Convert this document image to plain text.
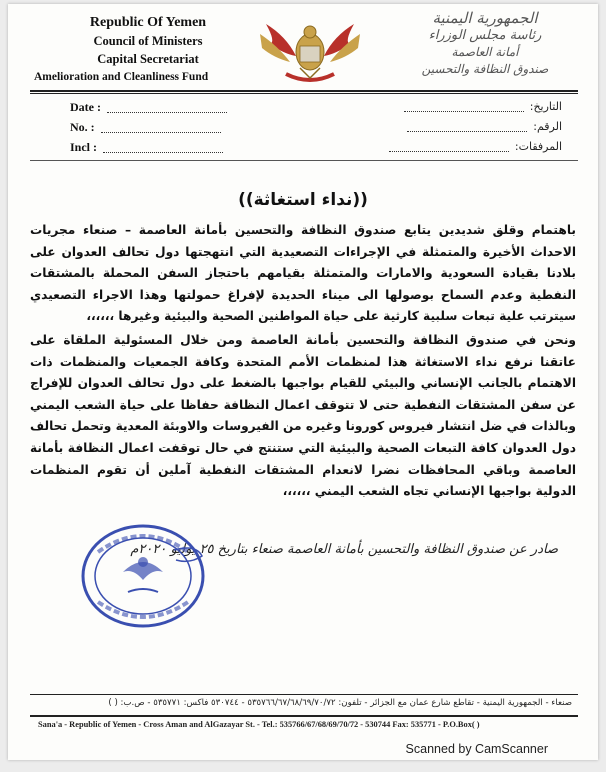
Republic Of Yemen
Council of Ministers
Capital Secretariat
Amelioration and Cleanliness Fund
الجمهورية اليمنية
رئاسة مجلس الوزراء
أمانة العاصمة
صندوق النظافة والتحسين
Date :
No. :
Incl :
التاريخ:
الرقم:
المرفقات:
((نداء استغاثة))
باهتمام وقلق شديدين يتابع صندوق النظافة والتحسين بأمانة العاصمة – صنعاء مجريات الاحداث الأخيرة والمتمثلة في الإجراءات التصعيدية التي انتهجتها دول تحالف العدوان على بلادنا بقيادة السعودية والامارات والمتمثلة بقيامهم باحتجاز السفن المحملة بالمشتقات النفطية وعدم السماح بوصولها الى ميناء الحديدة لإفراغ حمولتها وهذا الاجراء التصعيدي سيترتب علية تبعات سلبية كارثية على حياة المواطنين الصحية والبيئية وغيرها ،،،،،،
ونحن في صندوق النظافة والتحسين بأمانة العاصمة ومن خلال المسئولية الملقاة على عاتقنا نرفع نداء الاستغاثة هذا لمنظمات الأمم المتحدة وكافة الجمعيات والمنظمات ذات الاهتمام بالجانب الإنساني والبيئي للقيام بواجبها بالضغط على دول تحالف العدوان للإفراج عن سفن المشتقات النفطية حتى لا تتوقف اعمال النظافة حفاظا على حياة الشعب اليمني وبالذات في ضل انتشار فيروس كورونا وغيره من الفيروسات والاوبئة المعدية وتحمل تحالف دول العدوان كافة التبعات الصحية والبيئية التي ستنتج في حال توقفت اعمال النظافة بأمانة العاصمة وباقي المحافظات نضرا لانعدام المشتقات النفطية آملين أن تقوم المنظمات الدولية بواجبها الإنساني تجاه الشعب اليمني ،،،،،،
صادر عن صندوق النظافة والتحسين بأمانة العاصمة صنعاء بتاريخ ٢٥ يوليو ٢٠٢٠م
صنعاء - الجمهورية اليمنية - تقاطع شارع عمان مع الجزائر - تلفون: ٥٣٥٧٦٦/٦٧/٦٨/٦٩/٧٠/٧٢ - ٥٣٠٧٤٤ فاكس: ٥٣٥٧٧١ - ص.ب: ( )
Sana'a - Republic of Yemen - Cross Aman and AlGazayar St. - Tel.: 535766/67/68/69/70/72 - 530744 Fax: 535771 - P.O.Box( )
Scanned by CamScanner
